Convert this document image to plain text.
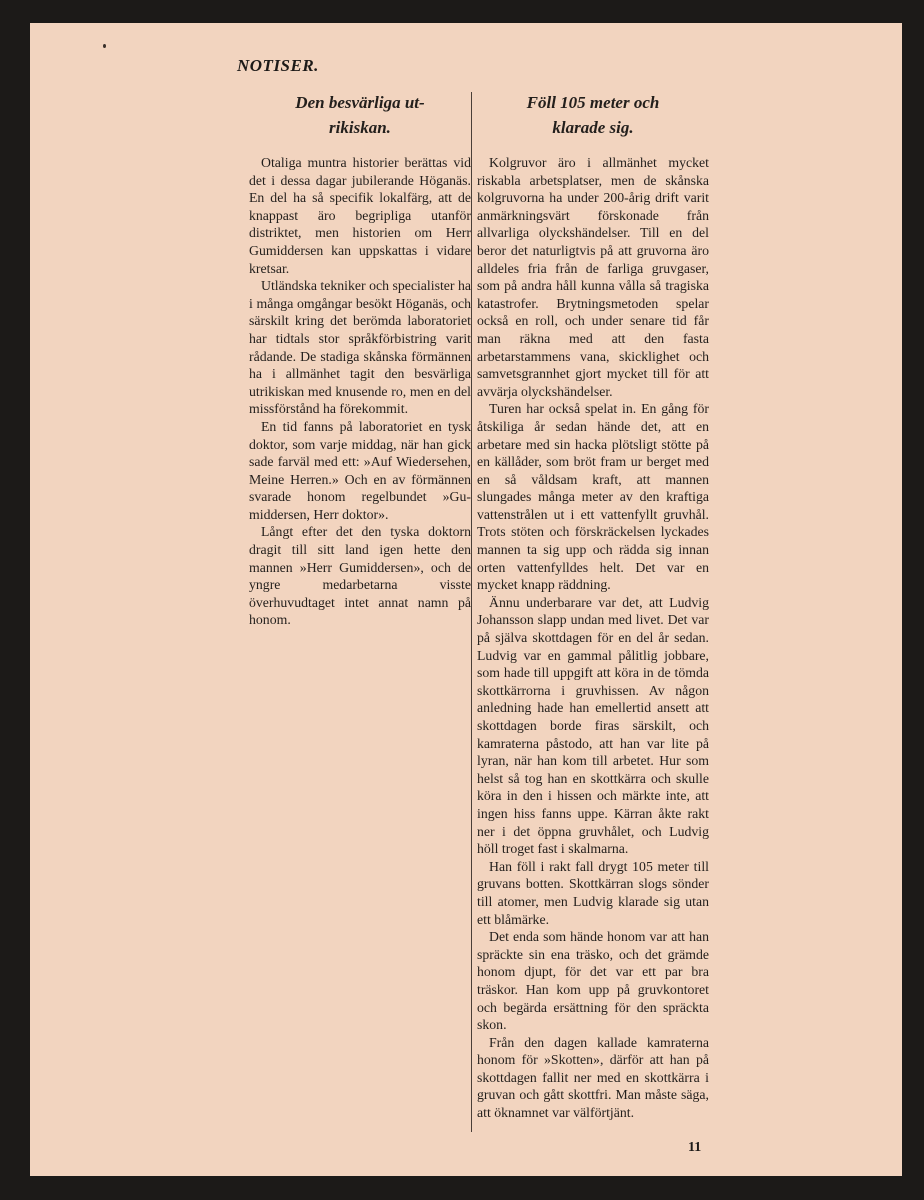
NOTISER.
Den besvärliga ut-
rikiskan.

Otaliga muntra historier berättas vid det i dessa dagar jubilerande Höganäs. En del ha så specifik lokalfärg, att de knappast äro begripliga utanför distriktet, men historien om Herr Gumiddersen kan uppskattas i vidare kretsar.

Utländska tekniker och specialister ha i många omgångar besökt Höganäs, och särskilt kring det berömda laboratoriet har tidtals stor språkförbistring varit rådande. De stadiga skånska förmännen ha i allmänhet tagit den besvärliga utrikiskan med knusende ro, men en del missförstånd ha förekommit.

En tid fanns på laboratoriet en tysk doktor, som varje middag, när han gick sade farväl med ett: »Auf Wiedersehen, Meine Herren.» Och en av förmännen svarade honom regelbundet »Gu-middersen, Herr doktor».

Långt efter det den tyska doktorn dragit till sitt land igen hette den mannen »Herr Gumiddersen», och de yngre medarbetarna visste överhuvudtaget intet annat namn på honom.

Föll 105 meter och
klarade sig.

Kolgruvor äro i allmänhet mycket riskabla arbetsplatser, men de skånska kolgruvorna ha under 200-årig drift varit anmärkningsvärt förskonade från allvarliga olyckshändelser. Till en del beror det naturligtvis på att gruvorna äro alldeles fria från de farliga gruvgaser, som på andra håll kunna vålla så tragiska katastrofer. Brytningsmetoden spelar också en roll, och under senare tid får man räkna med att den fasta arbetarstammens vana, skicklighet och samvetsgrannhet gjort mycket till för att avvärja olyckshändelser.

Turen har också spelat in. En gång för åtskiliga år sedan hände det, att en arbetare med sin hacka plötsligt stötte på en källåder, som bröt fram ur berget med en så våldsam kraft, att mannen slungades många meter av den kraftiga vattenstrålen ut i ett vattenfyllt gruvhål. Trots stöten och förskräckelsen lyckades mannen ta sig upp och rädda sig innan orten vattenfylldes helt. Det var en mycket knapp räddning.

Ännu underbarare var det, att Ludvig Johansson slapp undan med livet. Det var på själva skottdagen för en del år sedan. Ludvig var en gammal pålitlig jobbare, som hade till uppgift att köra in de tömda skottkärrorna i gruvhissen. Av någon anledning hade han emellertid ansett att skottdagen borde firas särskilt, och kamraterna påstodo, att han var lite på lyran, när han kom till arbetet. Hur som helst så tog han en skottkärra och skulle köra in den i hissen och märkte inte, att ingen hiss fanns uppe. Kärran åkte rakt ner i det öppna gruvhålet, och Ludvig höll troget fast i skalmarna.

Han föll i rakt fall drygt 105 meter till gruvans botten. Skottkärran slogs sönder till atomer, men Ludvig klarade sig utan ett blåmärke.

Det enda som hände honom var att han spräckte sin ena träsko, och det grämde honom djupt, för det var ett par bra träskor. Han kom upp på gruvkontoret och begärda ersättning för den spräckta skon.

Från den dagen kallade kamraterna honom för »Skotten», därför att han på skottdagen fallit ner med en skottkärra i gruvan och gått skottfri. Man måste säga, att öknamnet var välförtjänt.

11
